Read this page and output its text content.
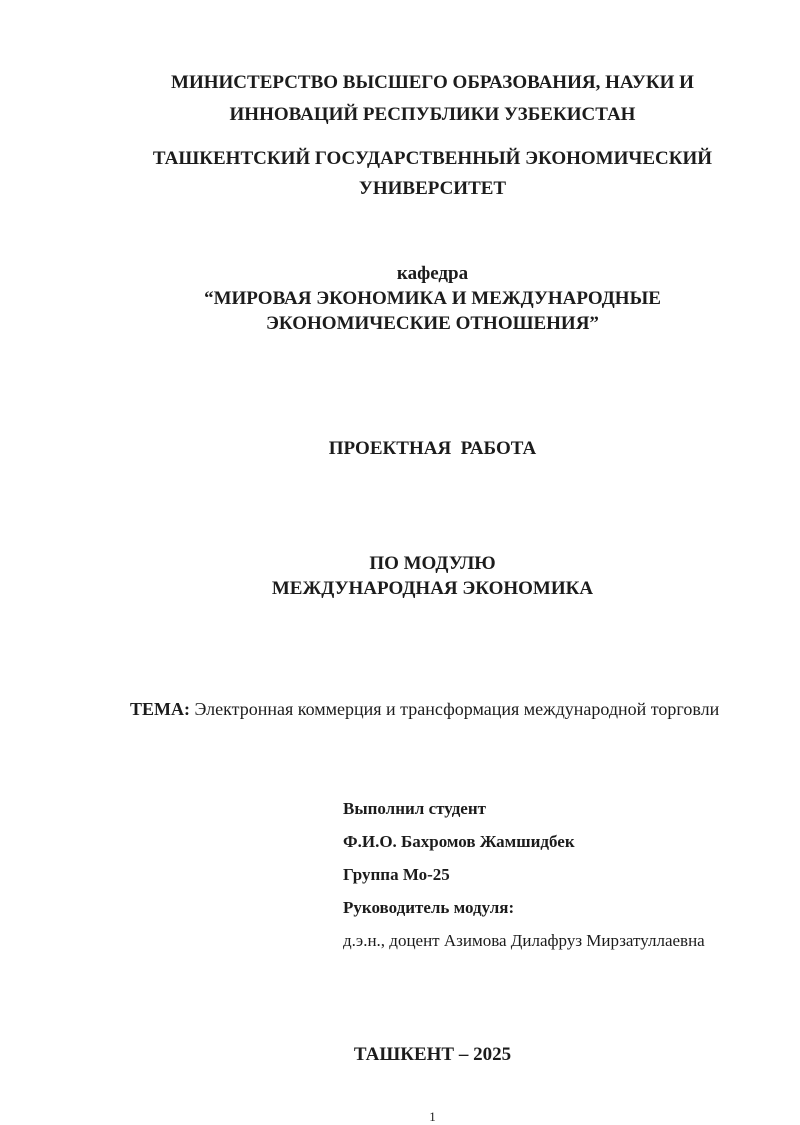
МИНИСТЕРСТВО ВЫСШЕГО ОБРАЗОВАНИЯ, НАУКИ И

ИННОВАЦИЙ РЕСПУБЛИКИ УЗБЕКИСТАН

ТАШКЕНТСКИЙ ГОСУДАРСТВЕННЫЙ ЭКОНОМИЧЕСКИЙ

УНИВЕРСИТЕТ

кафедра

“МИРОВАЯ ЭКОНОМИКА И МЕЖДУНАРОДНЫЕ

ЭКОНОМИЧЕСКИЕ ОТНОШЕНИЯ”

ПРОЕКТНАЯ  РАБОТА

ПО МОДУЛЮ

МЕЖДУНАРОДНАЯ ЭКОНОМИКА

ТЕМА: Электронная коммерция и трансформация международной торговли

Выполнил студент

Ф.И.О. Бахромов Жамшидбек

Группа Мо-25

Руководитель модуля:

д.э.н., доцент Азимова Дилафруз Мирзатуллаевна

ТАШКЕНТ – 2025
1
